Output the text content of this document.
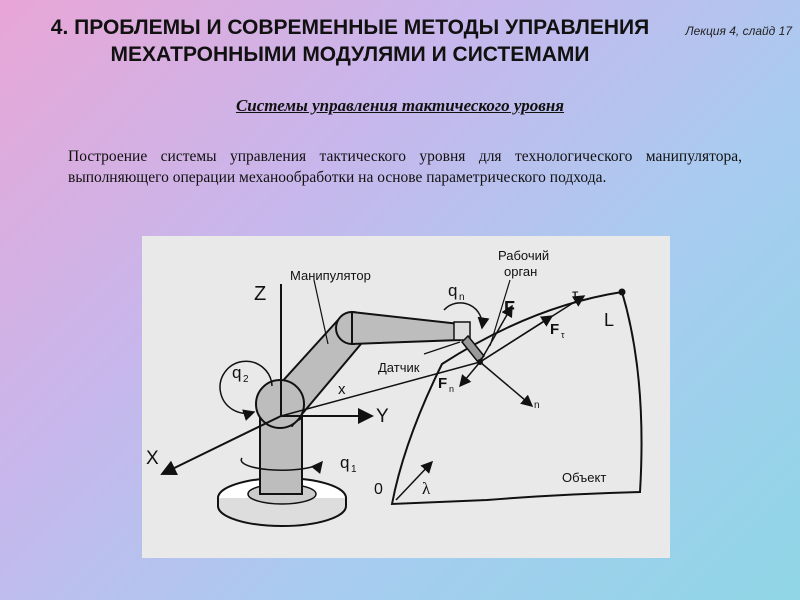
4. ПРОБЛЕМЫ И СОВРЕМЕННЫЕ МЕТОДЫ УПРАВЛЕНИЯ
МЕХАТРОННЫМИ МОДУЛЯМИ И СИСТЕМАМИ
Лекция 4, слайд 17
Системы управления тактического уровня
Построение системы управления тактического уровня для технологического манипулятора, выполняющего операции механообработки на основе параметрического подхода.
Z
Манипулятор
q n
Рабочий
орган
F
τ
L
F τ
q 2
Датчик
x	F n
n
Y
X	q 1
0 λ
Объект
